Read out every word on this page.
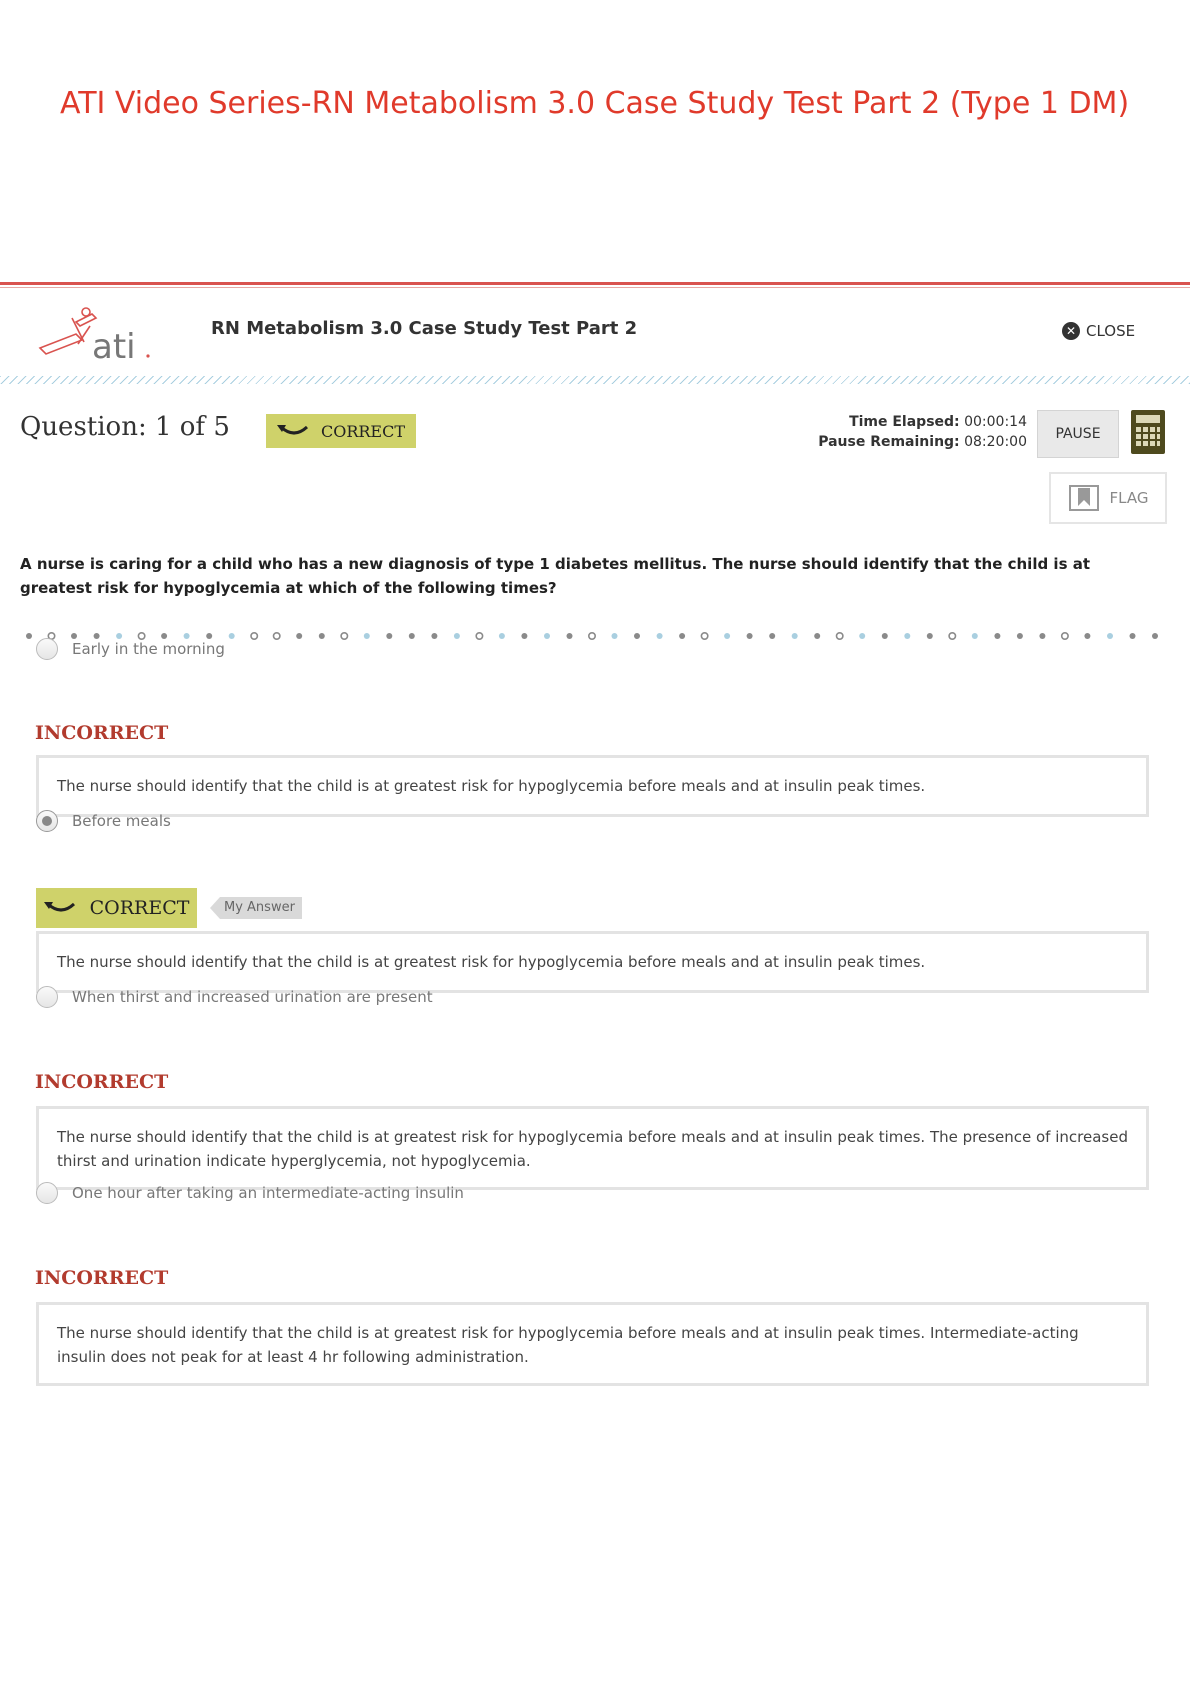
ATI Video Series-RN Metabolism 3.0 Case Study Test Part 2 (Type 1 DM)
ati	RN Metabolism 3.0 Case Study Test Part 2	✕ CLOSE
Question: 1 of 5	CORRECT	Time Elapsed: 00:00:14
Pause Remaining: 08:20:00	PAUSE
FLAG
A nurse is caring for a child who has a new diagnosis of type 1 diabetes mellitus. The nurse should identify that the child is at greatest risk for hypoglycemia at which of the following times?
Early in the morning
INCORRECT
The nurse should identify that the child is at greatest risk for hypoglycemia before meals and at insulin peak times.
Before meals
CORRECT	My Answer
The nurse should identify that the child is at greatest risk for hypoglycemia before meals and at insulin peak times.
When thirst and increased urination are present
INCORRECT
The nurse should identify that the child is at greatest risk for hypoglycemia before meals and at insulin peak times. The presence of increased thirst and urination indicate hyperglycemia, not hypoglycemia.
One hour after taking an intermediate-acting insulin
INCORRECT
The nurse should identify that the child is at greatest risk for hypoglycemia before meals and at insulin peak times. Intermediate-acting insulin does not peak for at least 4 hr following administration.
